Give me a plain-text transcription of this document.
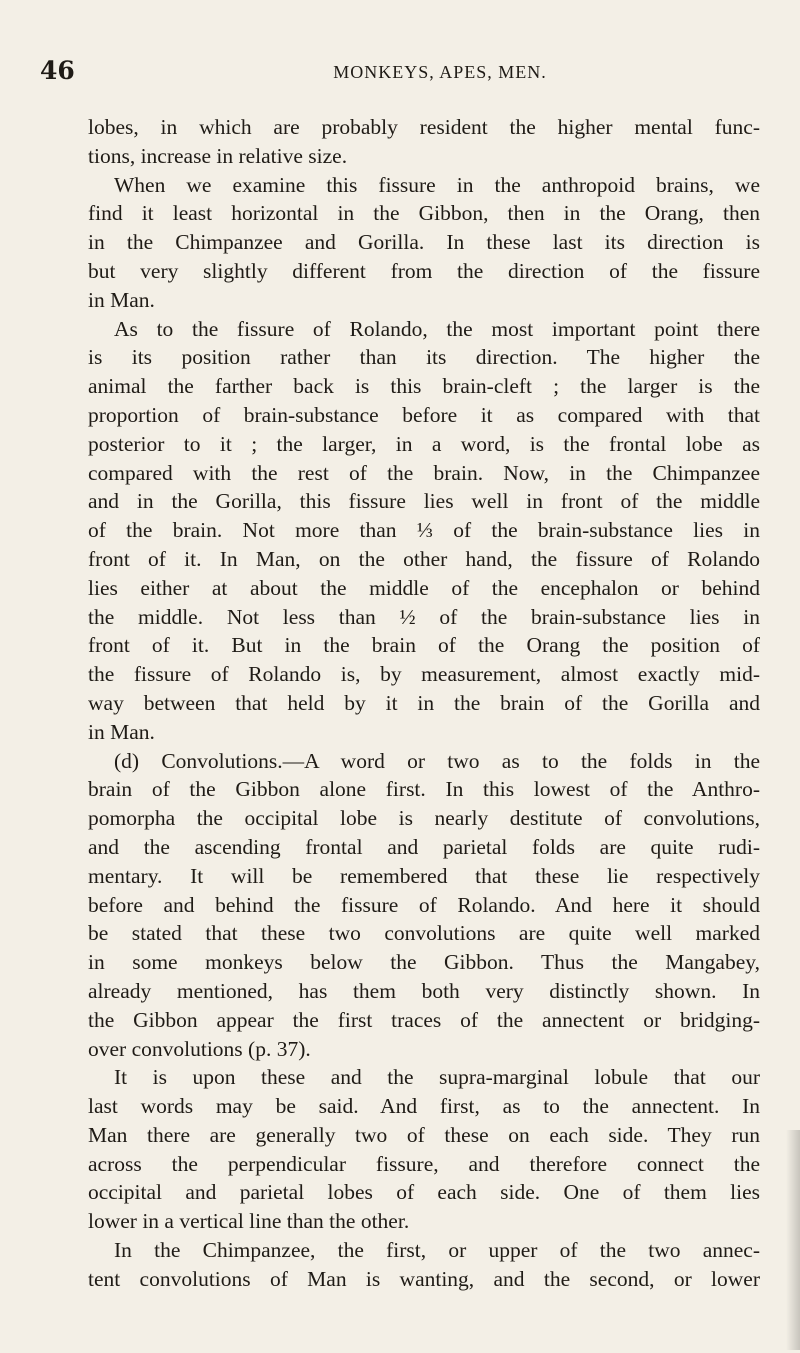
46	MONKEYS, APES, MEN.
lobes, in which are probably resident the higher mental func-
tions, increase in relative size.
When we examine this fissure in the anthropoid brains, we
find it least horizontal in the Gibbon, then in the Orang, then
in the Chimpanzee and Gorilla. In these last its direction is
but very slightly different from the direction of the fissure
in Man.
As to the fissure of Rolando, the most important point there
is its position rather than its direction. The higher the
animal the farther back is this brain-cleft ; the larger is the
proportion of brain-substance before it as compared with that
posterior to it ; the larger, in a word, is the frontal lobe as
compared with the rest of the brain. Now, in the Chimpanzee
and in the Gorilla, this fissure lies well in front of the middle
of the brain. Not more than ⅓ of the brain-substance lies in
front of it. In Man, on the other hand, the fissure of Rolando
lies either at about the middle of the encephalon or behind
the middle. Not less than ½ of the brain-substance lies in
front of it. But in the brain of the Orang the position of
the fissure of Rolando is, by measurement, almost exactly mid-
way between that held by it in the brain of the Gorilla and
in Man.
(d) Convolutions.—A word or two as to the folds in the
brain of the Gibbon alone first. In this lowest of the Anthro-
pomorpha the occipital lobe is nearly destitute of convolutions,
and the ascending frontal and parietal folds are quite rudi-
mentary. It will be remembered that these lie respectively
before and behind the fissure of Rolando. And here it should
be stated that these two convolutions are quite well marked
in some monkeys below the Gibbon. Thus the Mangabey,
already mentioned, has them both very distinctly shown. In
the Gibbon appear the first traces of the annectent or bridging-
over convolutions (p. 37).
It is upon these and the supra-marginal lobule that our
last words may be said. And first, as to the annectent. In
Man there are generally two of these on each side. They run
across the perpendicular fissure, and therefore connect the
occipital and parietal lobes of each side. One of them lies
lower in a vertical line than the other.
In the Chimpanzee, the first, or upper of the two annec-
tent convolutions of Man is wanting, and the second, or lower
